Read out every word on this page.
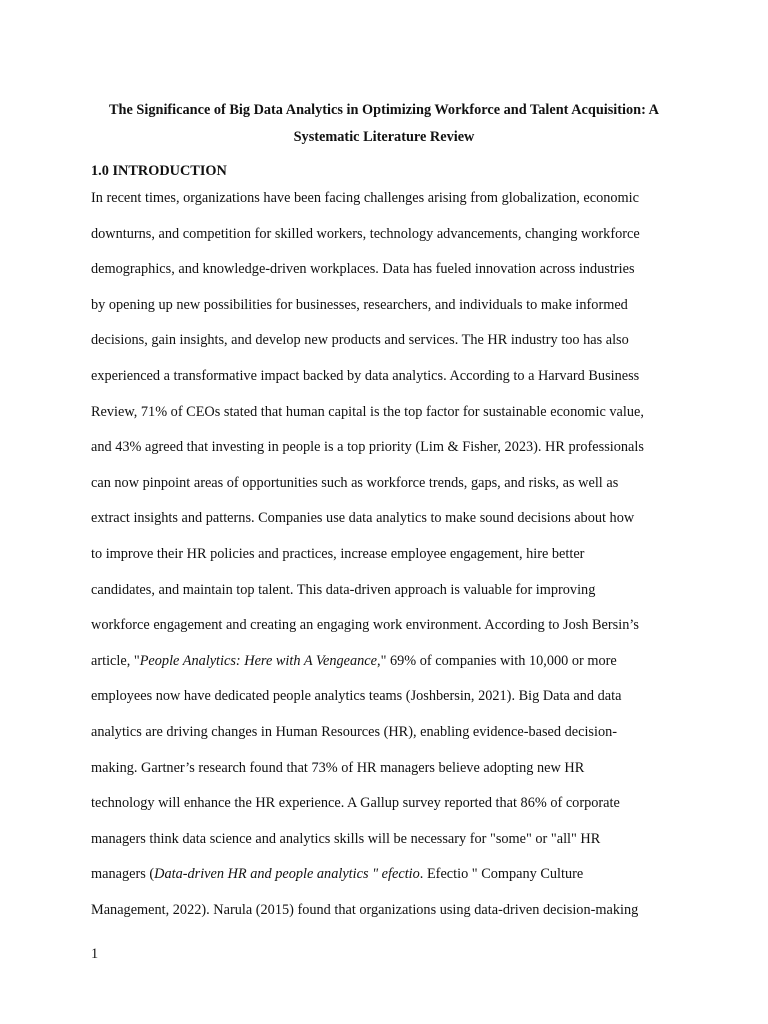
The Significance of Big Data Analytics in Optimizing Workforce and Talent Acquisition: A
Systematic Literature Review
1.0 INTRODUCTION
In recent times, organizations have been facing challenges arising from globalization, economic
downturns, and competition for skilled workers, technology advancements, changing workforce
demographics, and knowledge-driven workplaces. Data has fueled innovation across industries
by opening up new possibilities for businesses, researchers, and individuals to make informed
decisions, gain insights, and develop new products and services. The HR industry too has also
experienced a transformative impact backed by data analytics. According to a Harvard Business
Review, 71% of CEOs stated that human capital is the top factor for sustainable economic value,
and 43% agreed that investing in people is a top priority (Lim & Fisher, 2023). HR professionals
can now pinpoint areas of opportunities such as workforce trends, gaps, and risks, as well as
extract insights and patterns. Companies use data analytics to make sound decisions about how
to improve their HR policies and practices, increase employee engagement, hire better
candidates, and maintain top talent. This data-driven approach is valuable for improving
workforce engagement and creating an engaging work environment. According to Josh Bersin’s
article, "People Analytics: Here with A Vengeance," 69% of companies with 10,000 or more
employees now have dedicated people analytics teams (Joshbersin, 2021). Big Data and data
analytics are driving changes in Human Resources (HR), enabling evidence-based decision-
making. Gartner’s research found that 73% of HR managers believe adopting new HR
technology will enhance the HR experience. A Gallup survey reported that 86% of corporate
managers think data science and analytics skills will be necessary for "some" or "all" HR
managers (Data-driven HR and people analytics " efectio. Efectio " Company Culture
Management, 2022). Narula (2015) found that organizations using data-driven decision-making
1
